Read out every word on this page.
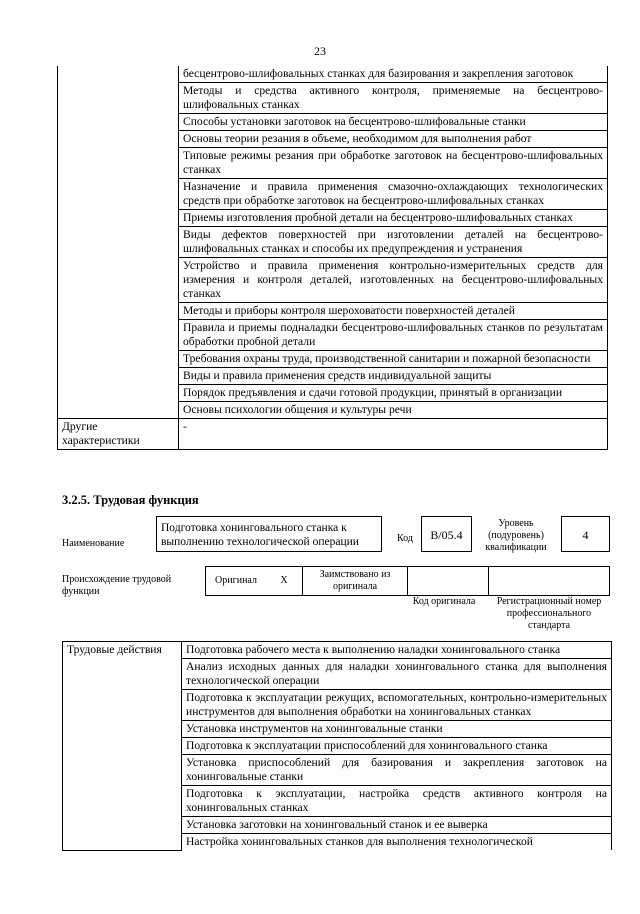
23
	бесцентрово-шлифовальных станках для базирования и закрепления заготовок
	Методы и средства активного контроля, применяемые на бесцентрово-шлифовальных станках
	Способы установки заготовок на бесцентрово-шлифовальные станки
	Основы теории резания в объеме, необходимом для выполнения работ
	Типовые режимы резания при обработке заготовок на бесцентрово-шлифовальных станках
	Назначение и правила применения смазочно-охлаждающих технологических средств при обработке заготовок на бесцентрово-шлифовальных станках
	Приемы изготовления пробной детали на бесцентрово-шлифовальных станках
	Виды дефектов поверхностей при изготовлении деталей на бесцентрово-шлифовальных станках и способы их предупреждения и устранения
	Устройство и правила применения контрольно-измерительных средств для измерения и контроля деталей, изготовленных на бесцентрово-шлифовальных станках
	Методы и приборы контроля шероховатости поверхностей деталей
	Правила и приемы подналадки бесцентрово-шлифовальных станков по результатам обработки пробной детали
	Требования охраны труда, производственной санитарии и пожарной безопасности
	Виды и правила применения средств индивидуальной защиты
	Порядок предъявления и сдачи готовой продукции, принятый в организации
	Основы психологии общения и культуры речи
Другие характеристики	-
3.2.5. Трудовая функция
Наименование
Подготовка хонинговального станка к выполнению технологической операции	Код	В/05.4
Уровень (подуровень) квалификации
4
Происхождение трудовой функции
Оригинал	X	Заимствовано из оригинала		
Код оригинала	Регистрационный номер профессионального стандарта
Трудовые действия	Подготовка рабочего места к выполнению наладки хонинговального станка
Анализ исходных данных для наладки хонинговального станка для выполнения технологической операции
Подготовка к эксплуатации режущих, вспомогательных, контрольно-измерительных инструментов для выполнения обработки на хонинговальных станках
Установка инструментов на хонинговальные станки
Подготовка к эксплуатации приспособлений для хонинговального станка
Установка приспособлений для базирования и закрепления заготовок на хонинговальные станки
Подготовка к эксплуатации, настройка средств активного контроля на хонинговальных станках
Установка заготовки на хонинговальный станок и ее выверка
Настройка хонинговальных станков для выполнения технологической
